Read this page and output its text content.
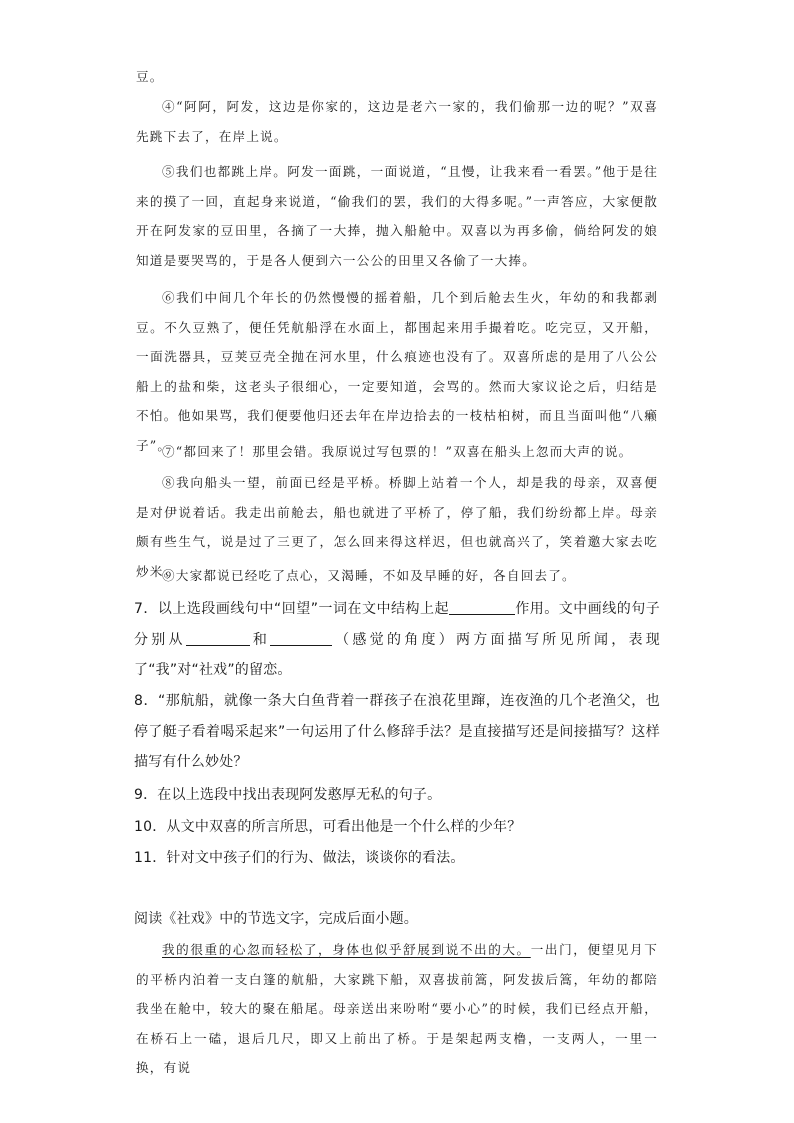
豆。

④“阿阿，阿发，这边是你家的，这边是老六一家的，我们偷那一边的呢？”双喜先跳下去了，在岸上说。

⑤我们也都跳上岸。阿发一面跳，一面说道，“且慢，让我来看一看罢。”他于是往来的摸了一回，直起身来说道，“偷我们的罢，我们的大得多呢。”一声答应，大家便散开在阿发家的豆田里，各摘了一大捧，抛入船舱中。双喜以为再多偷，倘给阿发的娘知道是要哭骂的，于是各人便到六一公公的田里又各偷了一大捧。

⑥我们中间几个年长的仍然慢慢的摇着船，几个到后舱去生火，年幼的和我都剥豆。不久豆熟了，便任凭航船浮在水面上，都围起来用手撮着吃。吃完豆，又开船，一面洗器具，豆荚豆壳全抛在河水里，什么痕迹也没有了。双喜所虑的是用了八公公船上的盐和柴，这老头子很细心，一定要知道，会骂的。然而大家议论之后，归结是不怕。他如果骂，我们便要他归还去年在岸边拾去的一枝枯桕树，而且当面叫他“八癞子”。

⑦“都回来了！那里会错。我原说过写包票的！”双喜在船头上忽而大声的说。

⑧我向船头一望，前面已经是平桥。桥脚上站着一个人，却是我的母亲，双喜便是对伊说着话。我走出前舱去，船也就进了平桥了，停了船，我们纷纷都上岸。母亲颇有些生气，说是过了三更了，怎么回来得这样迟，但也就高兴了，笑着邀大家去吃炒米。

⑨大家都说已经吃了点心，又渴睡，不如及早睡的好，各自回去了。

7．以上选段画线句中“回望”一词在文中结构上起	作用。文中画线的句子分别从	和	（感觉的角度）两方面描写所见所闻，表现了“我”对“社戏”的留恋。

8．“那航船，就像一条大白鱼背着一群孩子在浪花里蹿，连夜渔的几个老渔父，也停了艇子看着喝采起来”一句运用了什么修辞手法？是直接描写还是间接描写？这样描写有什么妙处？

9．在以上选段中找出表现阿发憨厚无私的句子。

10．从文中双喜的所言所思，可看出他是一个什么样的少年？

11．针对文中孩子们的行为、做法，谈谈你的看法。

阅读《社戏》中的节选文字，完成后面小题。

我的很重的心忽而轻松了，身体也似乎舒展到说不出的大。一出门，便望见月下的平桥内泊着一支白篷的航船，大家跳下船，双喜拔前篙，阿发拔后篙，年幼的都陪我坐在舱中，较大的聚在船尾。母亲送出来吩咐“要小心”的时候，我们已经点开船，在桥石上一磕，退后几尺，即又上前出了桥。于是架起两支橹，一支两人，一里一换，有说
